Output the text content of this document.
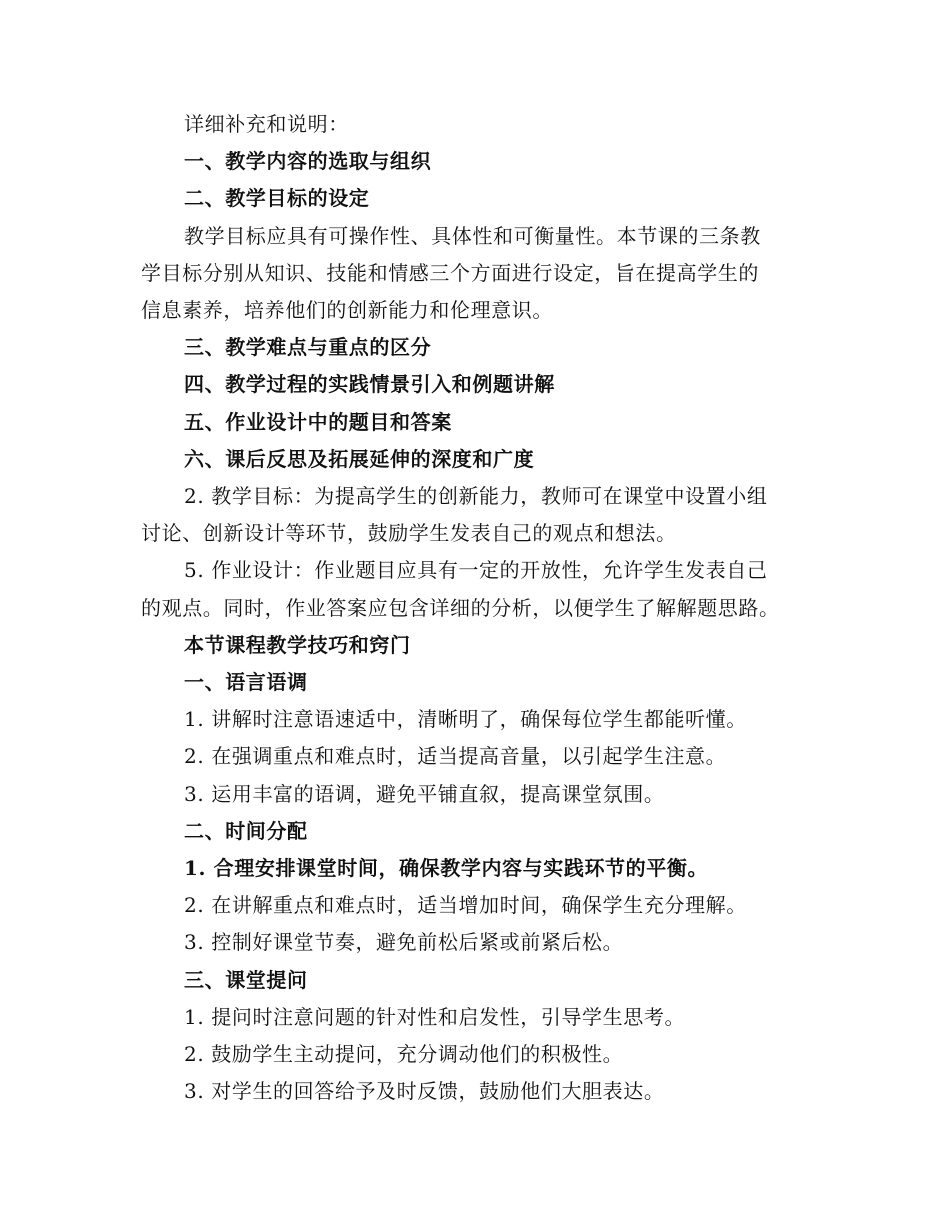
详细补充和说明：
一、教学内容的选取与组织
二、教学目标的设定
教学目标应具有可操作性、具体性和可衡量性。本节课的三条教
学目标分别从知识、技能和情感三个方面进行设定，旨在提高学生的
信息素养，培养他们的创新能力和伦理意识。
三、教学难点与重点的区分
四、教学过程的实践情景引入和例题讲解
五、作业设计中的题目和答案
六、课后反思及拓展延伸的深度和广度
2. 教学目标：为提高学生的创新能力，教师可在课堂中设置小组
讨论、创新设计等环节，鼓励学生发表自己的观点和想法。
5. 作业设计：作业题目应具有一定的开放性，允许学生发表自己
的观点。同时，作业答案应包含详细的分析，以便学生了解解题思路。
本节课程教学技巧和窍门
一、语言语调
1. 讲解时注意语速适中，清晰明了，确保每位学生都能听懂。
2. 在强调重点和难点时，适当提高音量，以引起学生注意。
3. 运用丰富的语调，避免平铺直叙，提高课堂氛围。
二、时间分配
1. 合理安排课堂时间，确保教学内容与实践环节的平衡。
2. 在讲解重点和难点时，适当增加时间，确保学生充分理解。
3. 控制好课堂节奏，避免前松后紧或前紧后松。
三、课堂提问
1. 提问时注意问题的针对性和启发性，引导学生思考。
2. 鼓励学生主动提问，充分调动他们的积极性。
3. 对学生的回答给予及时反馈，鼓励他们大胆表达。
